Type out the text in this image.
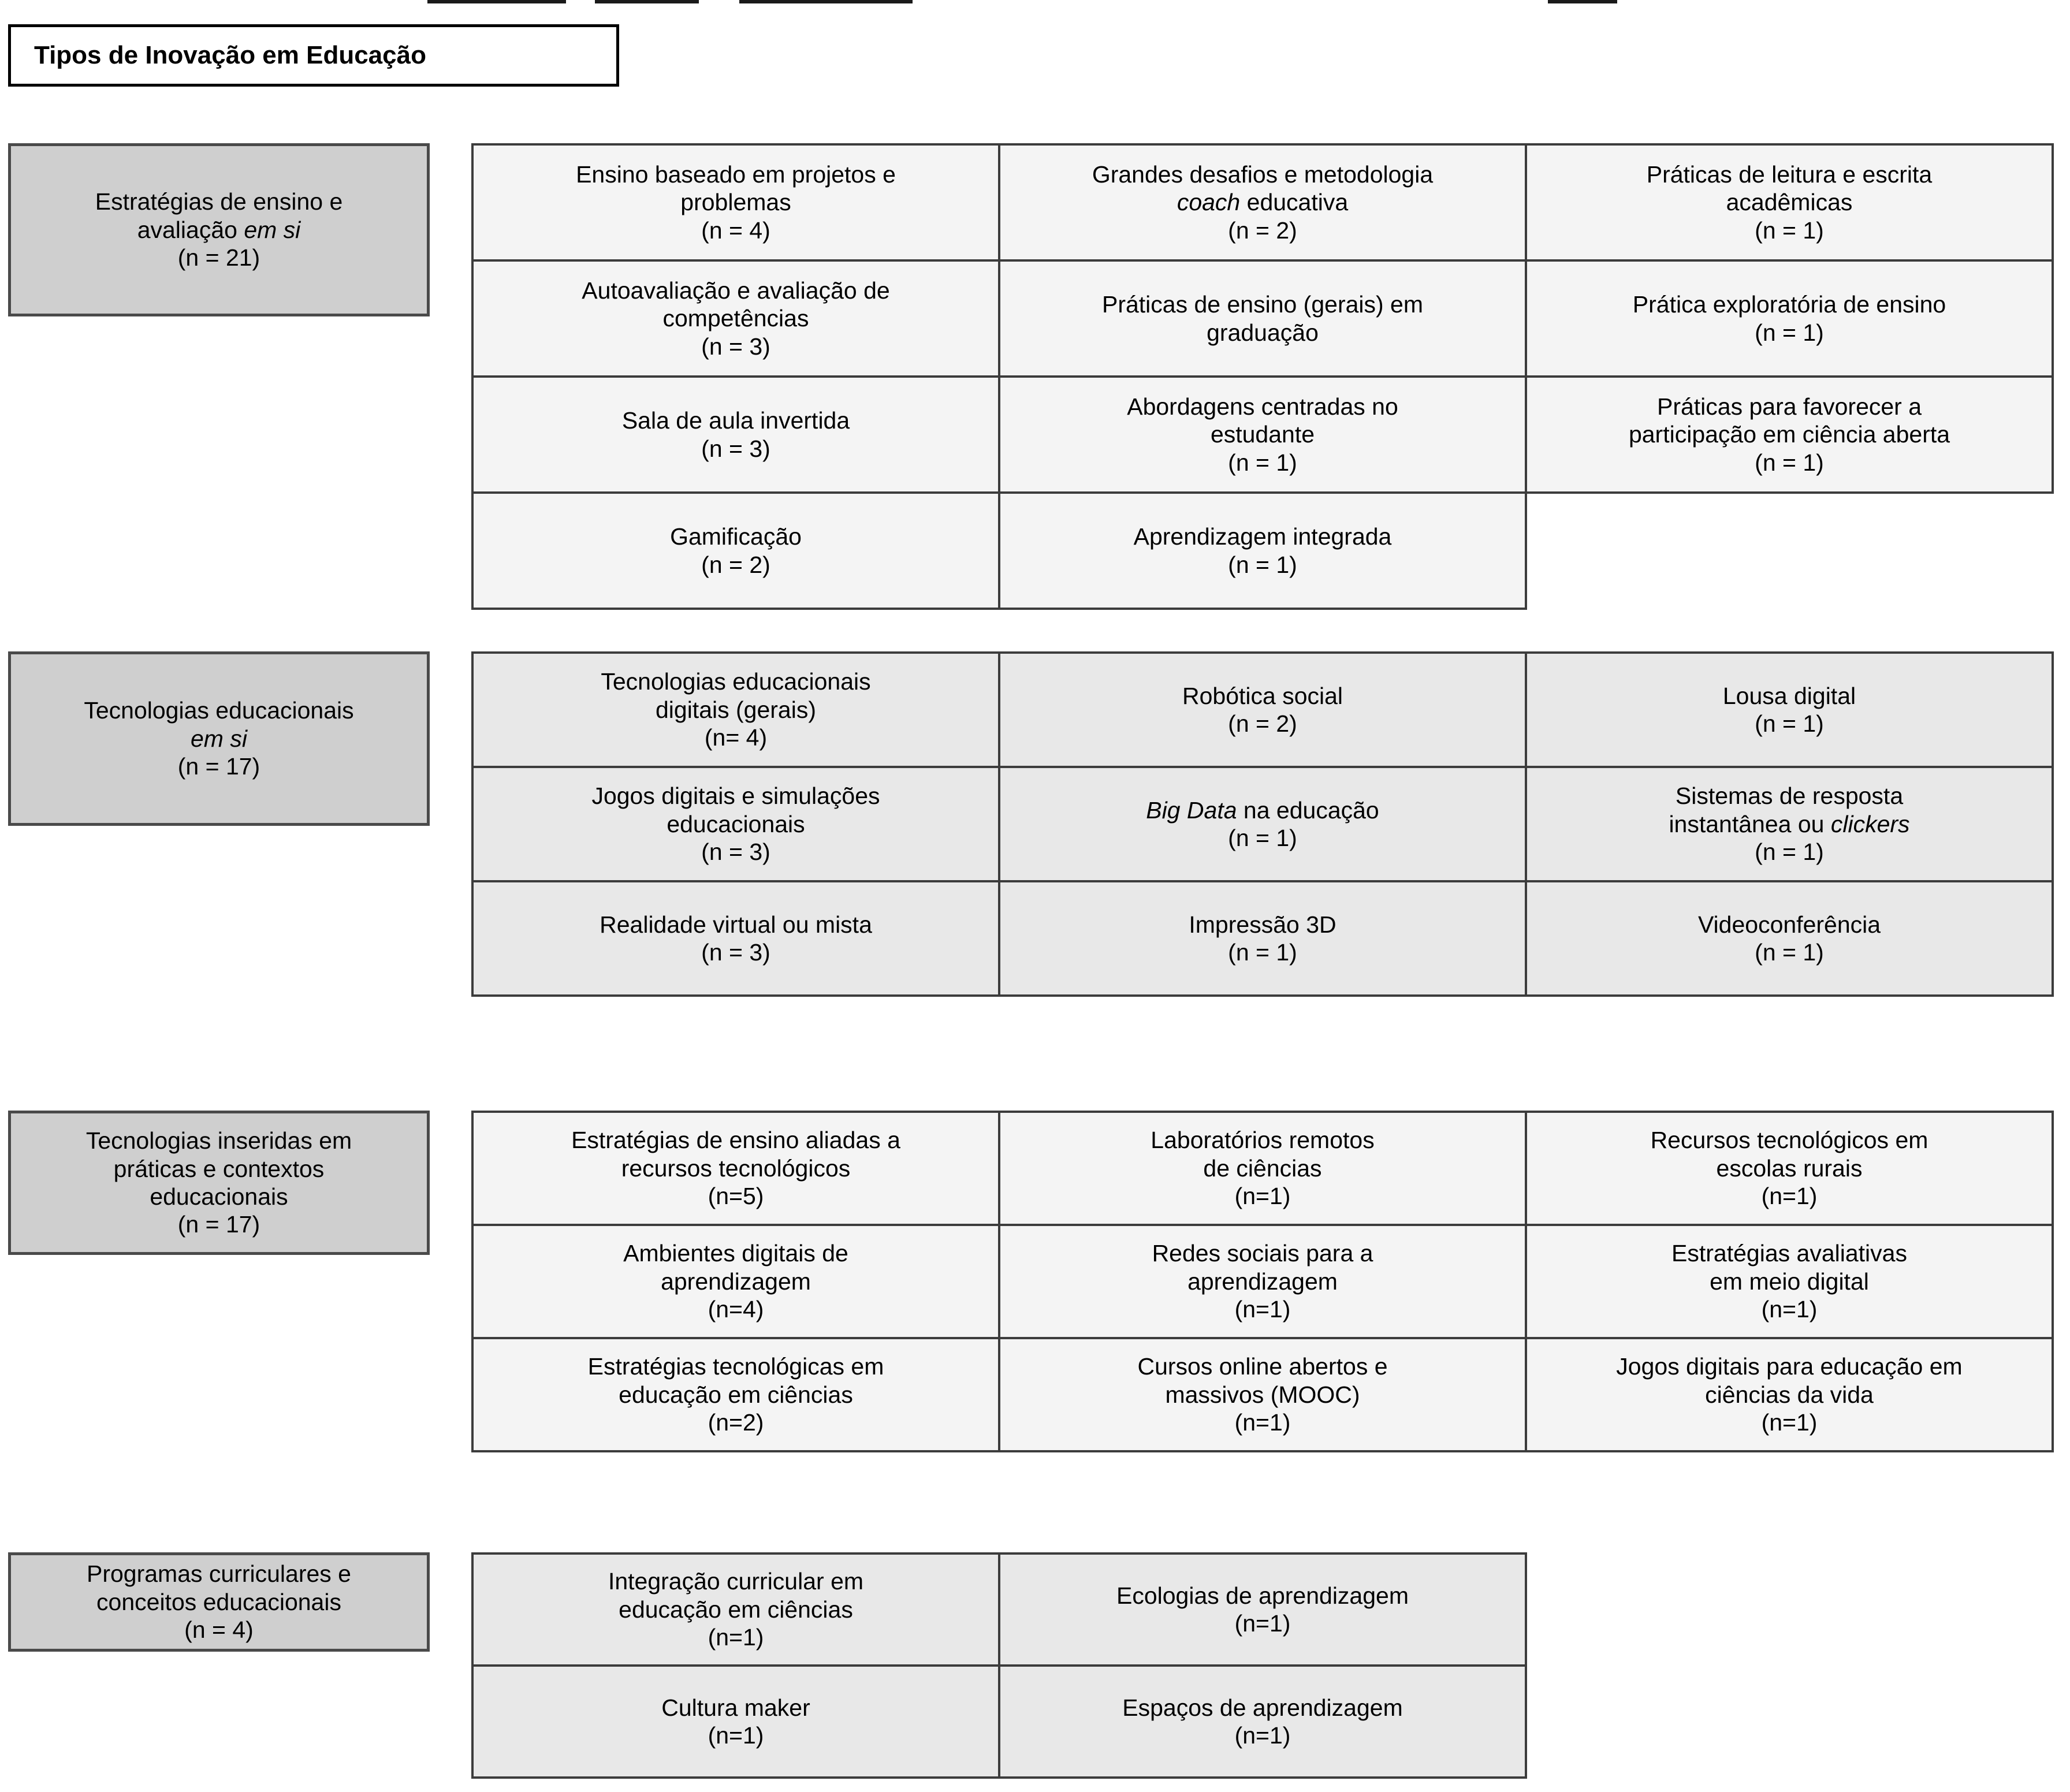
Tipos de Inovação em Educação
Estratégias de ensino e
avaliação em si
(n = 21)
Ensino baseado em projetos e
problemas
(n = 4)
Grandes desafios e metodologia
coach educativa
(n = 2)
Práticas de leitura e escrita
acadêmicas
(n = 1)
Autoavaliação e avaliação de
competências
(n = 3)
Práticas de ensino (gerais) em
graduação
Prática exploratória de ensino
(n = 1)
Sala de aula invertida
(n = 3)
Abordagens centradas no
estudante
(n = 1)
Práticas para favorecer a
participação em ciência aberta
(n = 1)
Gamificação
(n = 2)
Aprendizagem integrada
(n = 1)
Tecnologias educacionais
em si
(n = 17)
Tecnologias educacionais
digitais (gerais)
(n= 4)
Robótica social
(n = 2)
Lousa digital
(n = 1)
Jogos digitais e simulações
educacionais
(n = 3)
Big Data na educação
(n = 1)
Sistemas de resposta
instantânea ou clickers
(n = 1)
Realidade virtual ou mista
(n = 3)
Impressão 3D
(n = 1)
Videoconferência
(n = 1)
Tecnologias inseridas em
práticas e contextos
educacionais
(n = 17)
Estratégias de ensino aliadas a
recursos tecnológicos
(n=5)
Laboratórios remotos
de ciências
(n=1)
Recursos tecnológicos em
escolas rurais
(n=1)
Ambientes digitais de
aprendizagem
(n=4)
Redes sociais para a
aprendizagem
(n=1)
Estratégias avaliativas
em meio digital
(n=1)
Estratégias tecnológicas em
educação em ciências
(n=2)
Cursos online abertos e
massivos (MOOC)
(n=1)
Jogos digitais para educação em
ciências da vida
(n=1)
Programas curriculares e
conceitos educacionais
(n = 4)
Integração curricular em
educação em ciências
(n=1)
Ecologias de aprendizagem
(n=1)
Cultura maker
(n=1)
Espaços de aprendizagem
(n=1)
